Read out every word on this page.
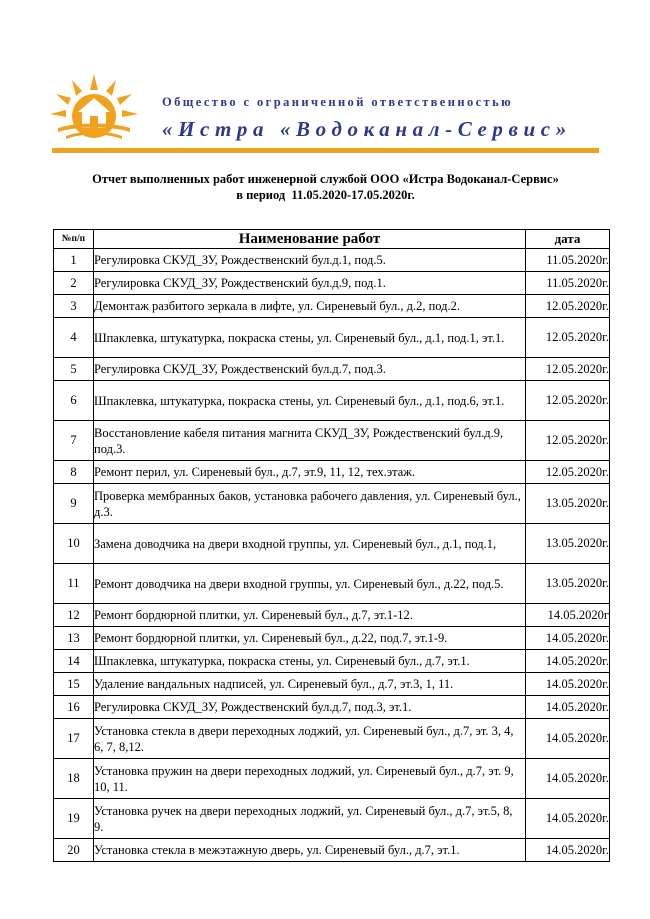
Общество с ограниченной ответственностью
«Истра «Водоканал-Сервис»
Отчет выполненных работ инженерной службой ООО «Истра Водоканал-Сервис»
в период  11.05.2020-17.05.2020г.
№п/п	Наименование работ	дата
1	Регулировка СКУД_ЗУ, Рождественский бул.д.1, под.5.	11.05.2020г.
2	Регулировка СКУД_ЗУ, Рождественский бул.д.9, под.1.	11.05.2020г.
3	Демонтаж разбитого зеркала в лифте, ул. Сиреневый бул., д.2, под.2.	12.05.2020г.
4	Шпаклевка, штукатурка, покраска стены, ул. Сиреневый бул., д.1, под.1, эт.1.	12.05.2020г.
5	Регулировка СКУД_ЗУ, Рождественский бул.д.7, под.3.	12.05.2020г.
6	Шпаклевка, штукатурка, покраска стены, ул. Сиреневый бул., д.1, под.6, эт.1.	12.05.2020г.
7	Восстановление кабеля питания магнита СКУД_ЗУ, Рождественский бул.д.9, под.3.	12.05.2020г.
8	Ремонт перил, ул. Сиреневый бул., д.7, эт.9, 11, 12, тех.этаж.	12.05.2020г.
9	Проверка мембранных баков, установка рабочего давления, ул. Сиреневый бул., д.3.	13.05.2020г.
10	Замена доводчика на двери входной группы, ул. Сиреневый бул., д.1, под.1,	13.05.2020г.
11	Ремонт доводчика на двери входной группы, ул. Сиреневый бул., д.22, под.5.	13.05.2020г.
12	Ремонт бордюрной плитки, ул. Сиреневый бул., д.7, эт.1-12.	14.05.2020г
13	Ремонт бордюрной плитки, ул. Сиреневый бул., д.22, под.7, эт.1-9.	14.05.2020г.
14	Шпаклевка, штукатурка, покраска стены, ул. Сиреневый бул., д.7, эт.1.	14.05.2020г.
15	Удаление вандальных надписей, ул. Сиреневый бул., д.7, эт.3, 1, 11.	14.05.2020г.
16	Регулировка СКУД_ЗУ, Рождественский бул.д.7, под.3, эт.1.	14.05.2020г.
17	Установка стекла в двери переходных лоджий, ул. Сиреневый бул., д.7, эт. 3, 4, 6, 7, 8,12.	14.05.2020г.
18	Установка пружин на двери переходных лоджий, ул. Сиреневый бул., д.7, эт. 9, 10, 11.	14.05.2020г.
19	Установка ручек на двери переходных лоджий, ул. Сиреневый бул., д.7, эт.5, 8, 9.	14.05.2020г.
20	Установка стекла в межэтажную дверь, ул. Сиреневый бул., д.7, эт.1.	14.05.2020г.
